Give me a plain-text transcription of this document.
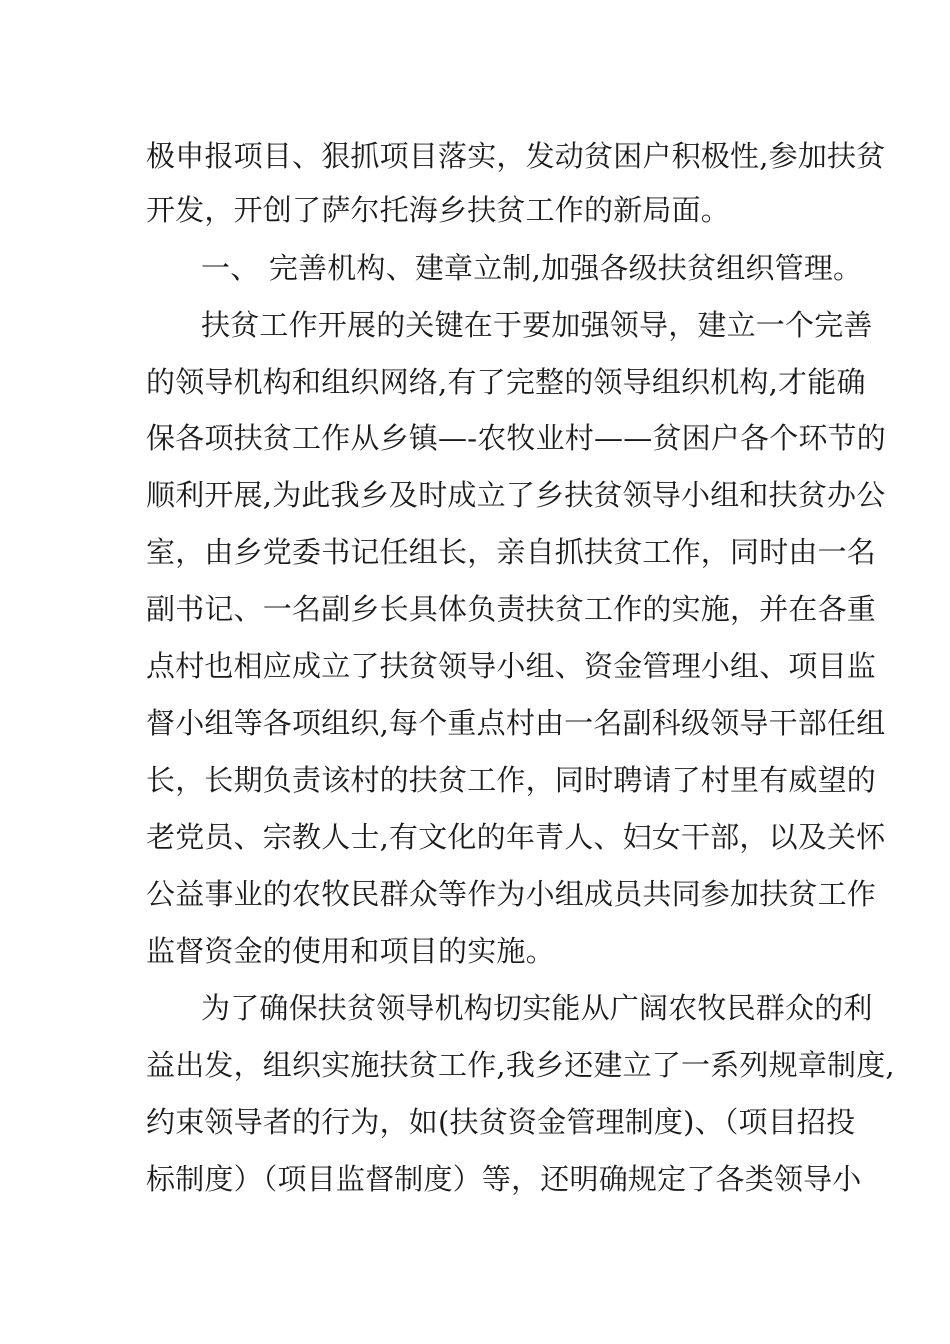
极申报项目、狠抓项目落实，发动贫困户积极性,参加扶贫
开发，开创了萨尔托海乡扶贫工作的新局面。
一、 完善机构、建章立制,加强各级扶贫组织管理。
扶贫工作开展的关键在于要加强领导，建立一个完善
的领导机构和组织网络,有了完整的领导组织机构,才能确
保各项扶贫工作从乡镇—-农牧业村——贫困户各个环节的
顺利开展,为此我乡及时成立了乡扶贫领导小组和扶贫办公
室，由乡党委书记任组长，亲自抓扶贫工作，同时由一名
副书记、一名副乡长具体负责扶贫工作的实施，并在各重
点村也相应成立了扶贫领导小组、资金管理小组、项目监
督小组等各项组织,每个重点村由一名副科级领导干部任组
长，长期负责该村的扶贫工作，同时聘请了村里有威望的
老党员、宗教人士,有文化的年青人、妇女干部，以及关怀
公益事业的农牧民群众等作为小组成员共同参加扶贫工作
监督资金的使用和项目的实施。
为了确保扶贫领导机构切实能从广阔农牧民群众的利
益出发，组织实施扶贫工作,我乡还建立了一系列规章制度,
约束领导者的行为，如(扶贫资金管理制度)、（项目招投
标制度）（项目监督制度）等，还明确规定了各类领导小
